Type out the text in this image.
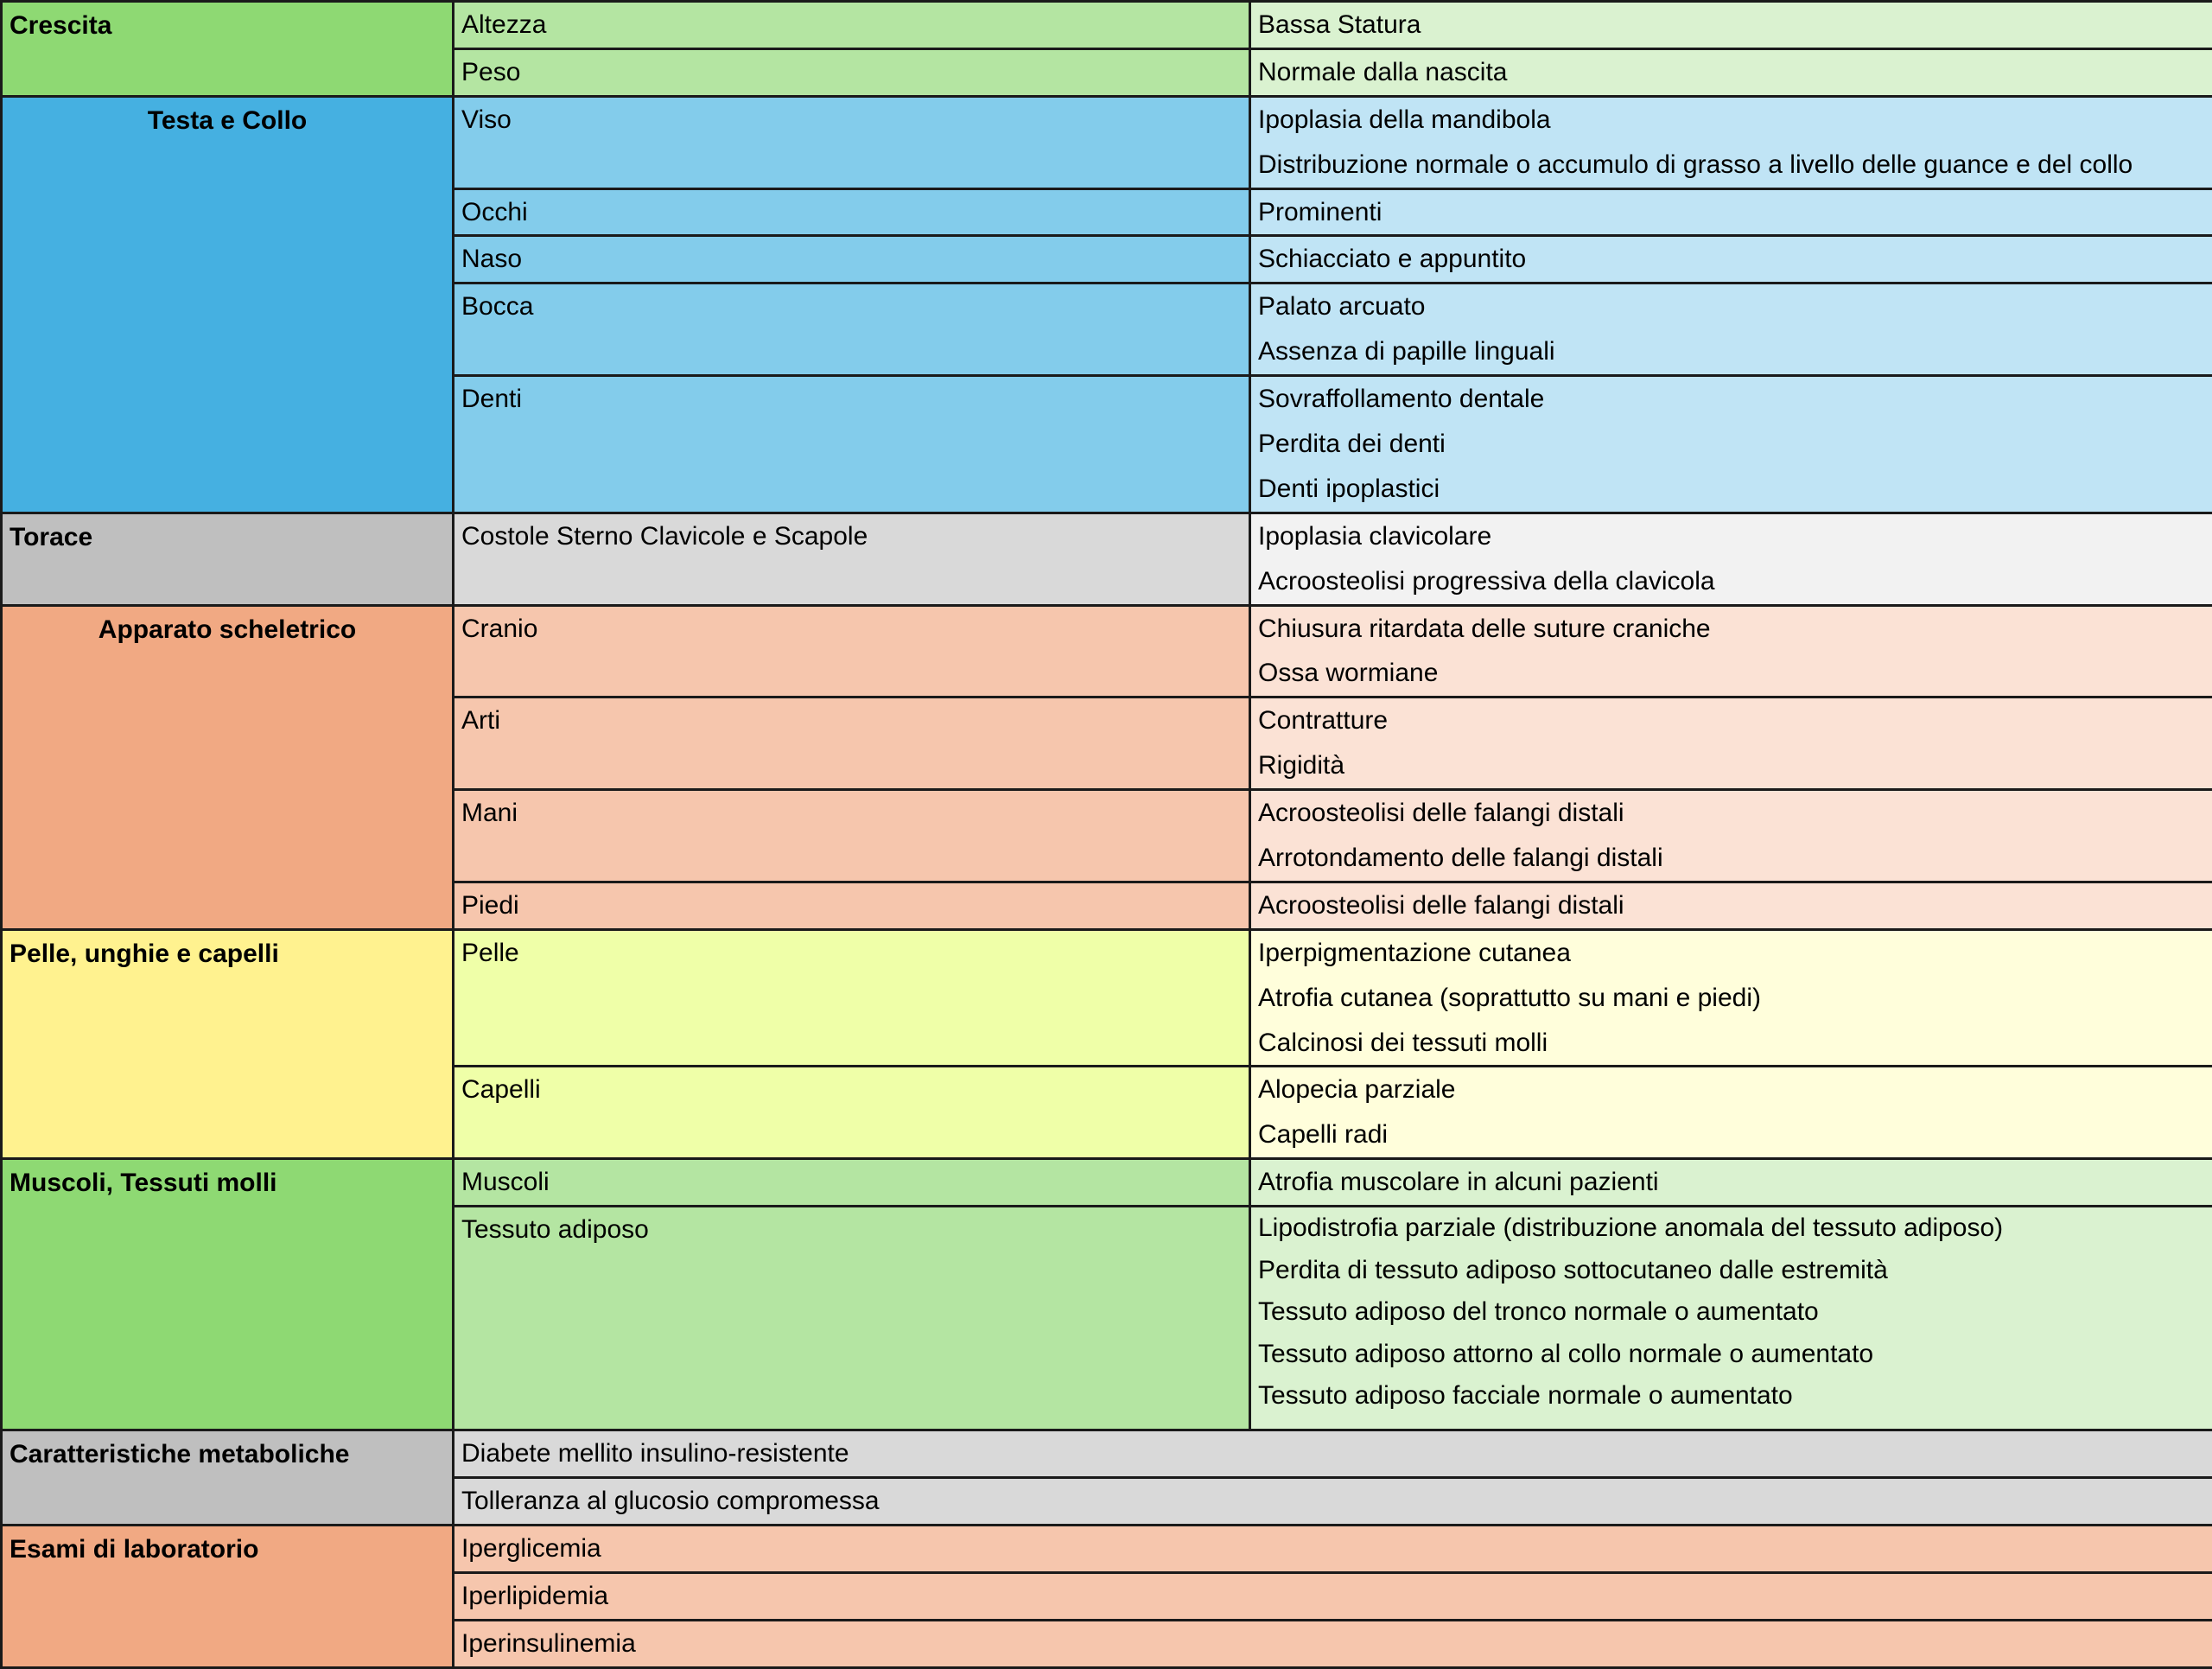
Crescita	Altezza	Bassa Statura

	Peso	Normale dalla nascita

Testa e Collo	Viso	Ipoplasia della mandibola
Distribuzione normale o accumulo di grasso a livello delle guance e del collo

	Occhi	Prominenti

	Naso	Schiacciato e appuntito

	Bocca	Palato arcuato
Assenza di papille linguali

	Denti	Sovraffollamento dentale
Perdita dei denti
Denti ipoplastici

Torace	Costole Sterno Clavicole e Scapole	Ipoplasia clavicolare
Acroosteolisi progressiva della clavicola

Apparato scheletrico	Cranio	Chiusura ritardata delle suture craniche
Ossa wormiane

	Arti	Contratture
Rigidità

	Mani	Acroosteolisi delle falangi distali
Arrotondamento delle falangi distali

	Piedi	Acroosteolisi delle falangi distali

Pelle, unghie e capelli	Pelle	Iperpigmentazione cutanea
Atrofia cutanea (soprattutto su mani e piedi)
Calcinosi dei tessuti molli

	Capelli	Alopecia parziale
Capelli radi

Muscoli, Tessuti molli	Muscoli	Atrofia muscolare in alcuni pazienti

	Tessuto adiposo	Lipodistrofia parziale (distribuzione anomala del tessuto adiposo)
Perdita di tessuto adiposo sottocutaneo dalle estremità
Tessuto adiposo del tronco normale o aumentato
Tessuto adiposo attorno al collo normale o aumentato
Tessuto adiposo facciale normale o aumentato

Caratteristiche metaboliche	Diabete mellito insulino-resistente	

	Tolleranza al glucosio compromessa	

Esami di laboratorio	Iperglicemia	

	Iperlipidemia	

	Iperinsulinemia	
